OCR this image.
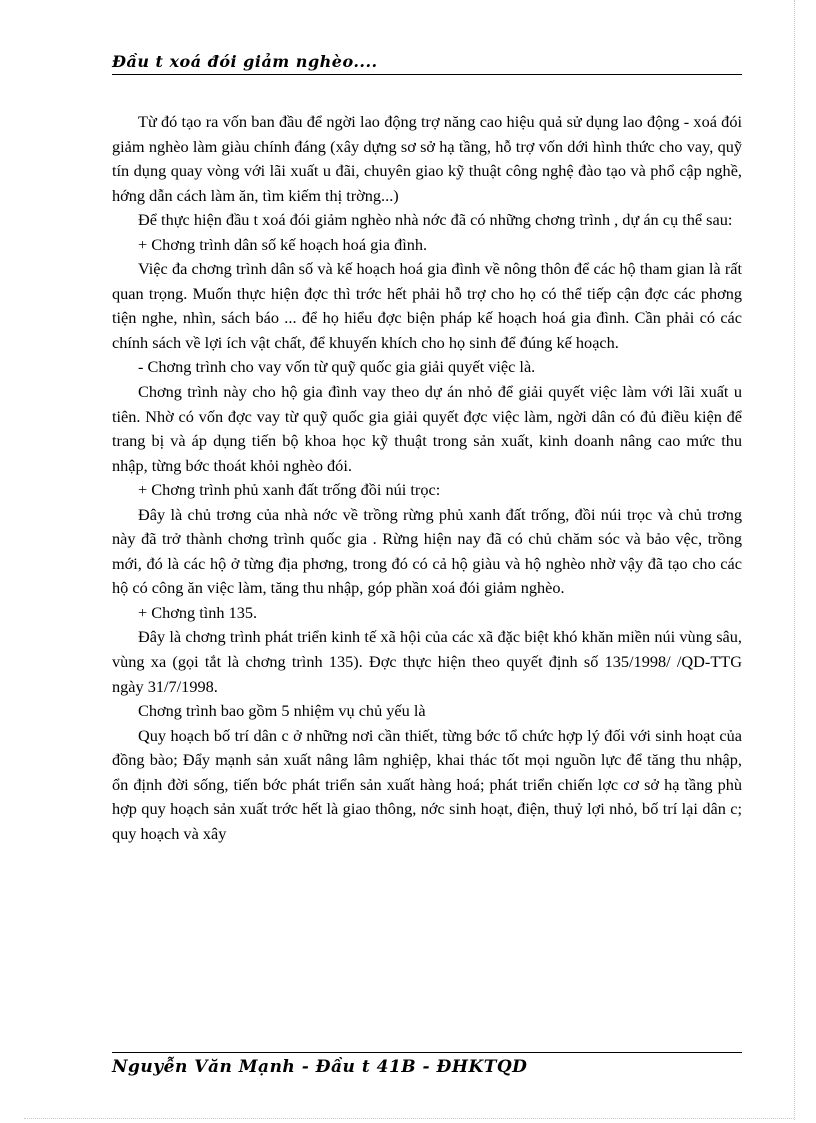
Đầu t xoá đói giảm nghèo....

Từ đó tạo ra vốn ban đầu để ngời lao động trợ năng cao hiệu quả sử dụng lao động - xoá đói giảm nghèo làm giàu chính đáng (xây dựng sơ sở hạ tầng, hỗ trợ vốn dới hình thức cho vay, quỹ tín dụng quay vòng với lãi xuất u đãi, chuyên giao kỹ thuật công nghệ đào tạo và phổ cập nghề, hớng dẫn cách làm ăn, tìm kiếm thị trờng...)

Để thực hiện đầu t xoá đói giảm nghèo nhà nớc đã có những chơng trình , dự án cụ thể sau:

+ Chơng trình dân số kế hoạch hoá gia đình.

Việc đa chơng trình dân số và kế hoạch hoá gia đình về nông thôn để các hộ tham gian là rất quan trọng. Muốn thực hiện đợc thì trớc hết phải hỗ trợ cho họ có thể tiếp cận đợc các phơng tiện nghe, nhìn, sách báo ... để họ hiểu đợc biện pháp kế hoạch hoá gia đình. Cần phải có các chính sách về lợi ích vật chất, để khuyến khích cho họ sinh để đúng kế hoạch.

- Chơng trình cho vay vốn từ quỹ quốc gia giải quyết việc là.

Chơng trình này cho hộ gia đình vay theo dự án nhỏ để giải quyết việc làm với lãi xuất u tiên. Nhờ có vốn đợc vay từ quỹ quốc gia giải quyết đợc việc làm, ngời dân có đủ điều kiện để trang bị và áp dụng tiến bộ khoa học kỹ thuật trong sản xuất, kinh doanh nâng cao mức thu nhập, từng bớc thoát khỏi nghèo đói.

+ Chơng trình phủ xanh đất trống đồi núi trọc:

Đây là chủ trơng của nhà nớc về trồng rừng phủ xanh đất trống, đồi núi trọc và chủ trơng này đã trở thành chơng trình quốc gia . Rừng hiện nay đã có chủ chăm sóc và bảo vệc, trồng mới, đó là các hộ ở từng địa phơng, trong đó có cả hộ giàu và hộ nghèo nhờ vậy đã tạo cho các hộ có công ăn việc làm, tăng thu nhập, góp phần xoá đói giảm nghèo.

+ Chơng tình 135.

Đây là chơng trình phát triển kinh tế xã hội của các xã đặc biệt khó khăn miền núi vùng sâu, vùng xa (gọi tắt là chơng trình 135). Đợc thực hiện theo quyết định số 135/1998/ /QD-TTG ngày 31/7/1998.

Chơng trình bao gồm 5 nhiệm vụ chủ yếu là

Quy hoạch bố trí dân c ở những nơi cần thiết, từng bớc tổ chức hợp lý đối với sinh hoạt của đồng bào; Đẩy mạnh sản xuất nâng lâm nghiệp, khai thác tốt mọi nguồn lực để tăng thu nhập, ổn định đời sống, tiến bớc phát triển sản xuất hàng hoá; phát triển chiến lợc cơ sở hạ tầng phù hợp quy hoạch sản xuất trớc hết là giao thông, nớc sinh hoạt, điện, thuỷ lợi nhỏ, bố trí lại dân c; quy hoạch và xây

Nguyễn Văn Mạnh - Đầu t 41B - ĐHKTQD
